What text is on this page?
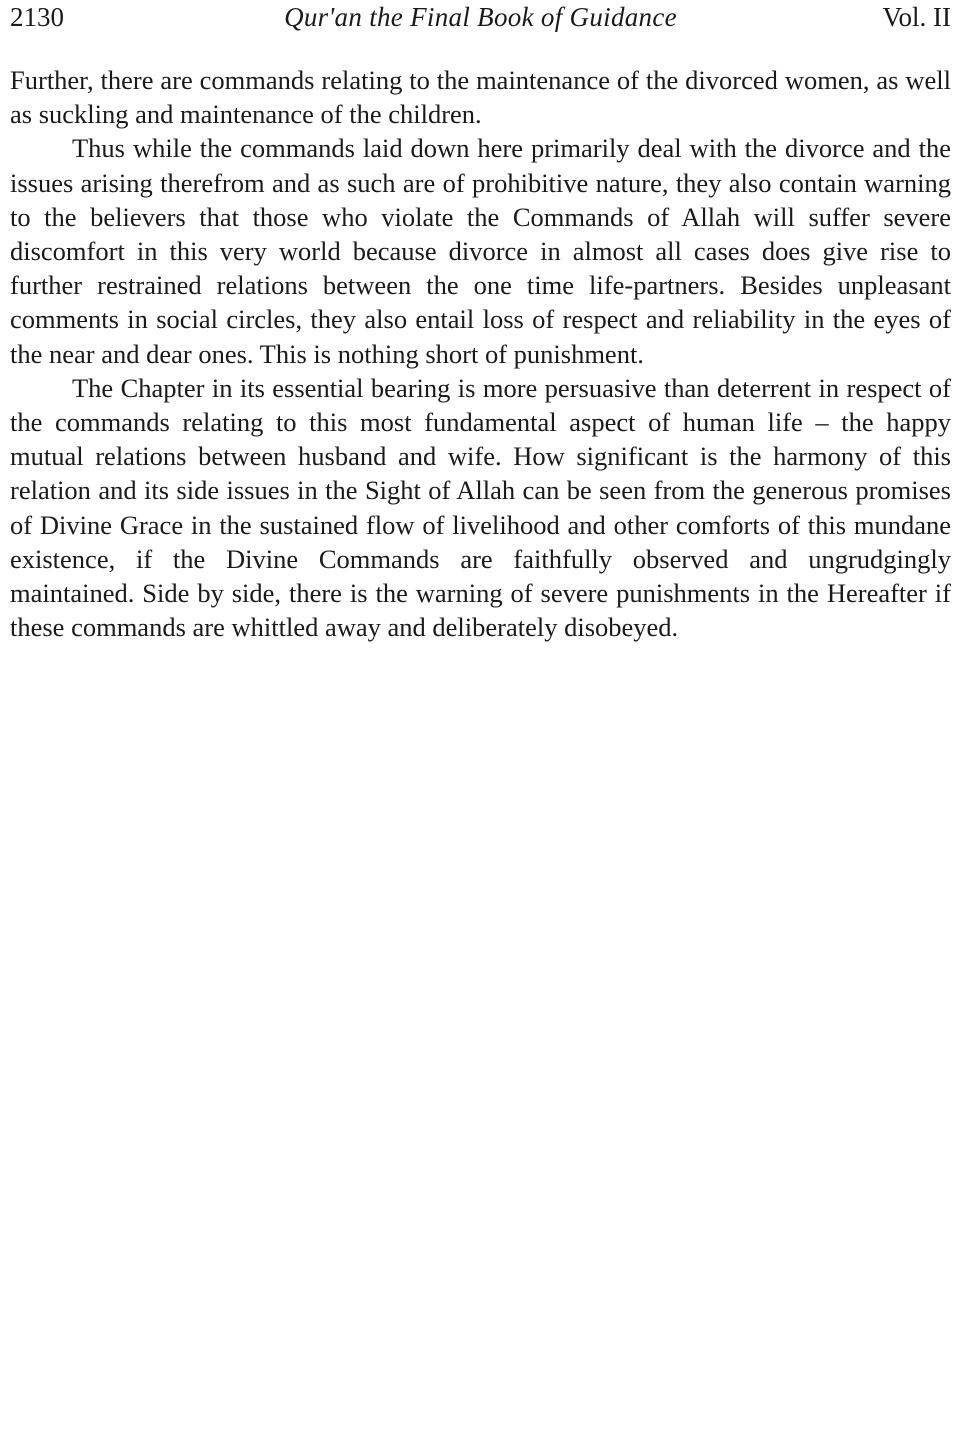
2130	Qur'an the Final Book of Guidance	Vol. II

Further, there are commands relating to the maintenance of the divorced women, as well as suckling and maintenance of the children.

Thus while the commands laid down here primarily deal with the divorce and the issues arising therefrom and as such are of prohibitive nature, they also contain warning to the believers that those who violate the Commands of Allah will suffer severe discomfort in this very world because divorce in almost all cases does give rise to further restrained relations between the one time life-partners. Besides unpleasant comments in social circles, they also entail loss of respect and reliability in the eyes of the near and dear ones. This is nothing short of punishment.

The Chapter in its essential bearing is more persuasive than deterrent in respect of the commands relating to this most fundamental aspect of human life – the happy mutual relations between husband and wife. How significant is the harmony of this relation and its side issues in the Sight of Allah can be seen from the generous promises of Divine Grace in the sustained flow of livelihood and other comforts of this mundane existence, if the Divine Commands are faithfully observed and ungrudgingly maintained. Side by side, there is the warning of severe punishments in the Hereafter if these commands are whittled away and deliberately disobeyed.
